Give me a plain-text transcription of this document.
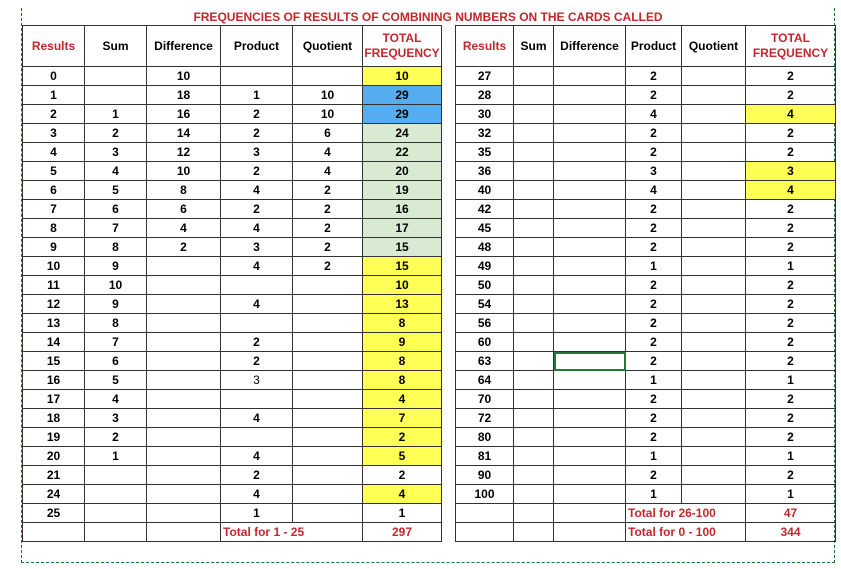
FREQUENCIES OF RESULTS OF COMBINING NUMBERS ON THE CARDS CALLED
Results	Sum	Difference	Product	Quotient	TOTAL
FREQUENCY
0		10			10
1		18	1	10	29
2	1	16	2	10	29
3	2	14	2	6	24
4	3	12	3	4	22
5	4	10	2	4	20
6	5	8	4	2	19
7	6	6	2	2	16
8	7	4	4	2	17
9	8	2	3	2	15
10	9		4	2	15
11	10				10
12	9		4		13
13	8				8
14	7		2		9
15	6		2		8
16	5		3		8
17	4				4
18	3		4		7
19	2				2
20	1		4		5
21			2		2
24			4		4
25			1		1
			Total for 1 - 25		297
Results	Sum	Difference	Product	Quotient	TOTAL
FREQUENCY
27			2		2
28			2		2
30			4		4
32			2		2
35			2		2
36			3		3
40			4		4
42			2		2
45			2		2
48			2		2
49			1		1
50			2		2
54			2		2
56			2		2
60			2		2
63			2		2
64			1		1
70			2		2
72			2		2
80			2		2
81			1		1
90			2		2
100			1		1
			Total for 26-100		47
			Total for 0 - 100		344
